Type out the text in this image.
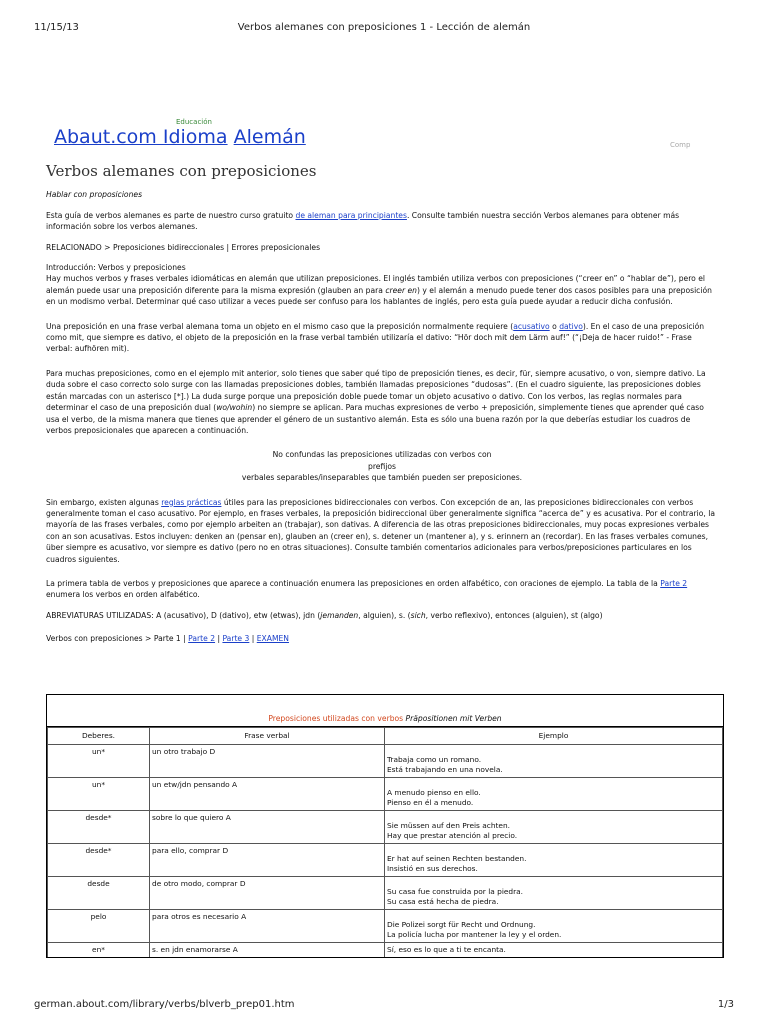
11/15/13	Verbos alemanes con preposiciones 1 - Lección de alemán
Educación
Abaut.com Idioma Alemán	Comp
Verbos alemanes con preposiciones

Hablar con proposiciones

Esta guía de verbos alemanes es parte de nuestro curso gratuito de aleman para principiantes. Consulte también nuestra sección Verbos alemanes para obtener más información sobre los verbos alemanes.

RELACIONADO > Preposiciones bidireccionales | Errores preposicionales

Introducción: Verbos y preposiciones
Hay muchos verbos y frases verbales idiomáticas en alemán que utilizan preposiciones. El inglés también utiliza verbos con preposiciones (“creer en” o “hablar de”), pero el alemán puede usar una preposición diferente para la misma expresión (glauben an para creer en) y el alemán a menudo puede tener dos casos posibles para una preposición en un modismo verbal. Determinar qué caso utilizar a veces puede ser confuso para los hablantes de inglés, pero esta guía puede ayudar a reducir dicha confusión.

Una preposición en una frase verbal alemana toma un objeto en el mismo caso que la preposición normalmente requiere (acusativo o dativo). En el caso de una preposición como mit, que siempre es dativo, el objeto de la preposición en la frase verbal también utilizaría el dativo: “Hör doch mit dem Lärm auf!” (“¡Deja de hacer ruido!” - Frase verbal: aufhören mit).

Para muchas preposiciones, como en el ejemplo mit anterior, solo tienes que saber qué tipo de preposición tienes, es decir, für, siempre acusativo, o von, siempre dativo. La duda sobre el caso correcto solo surge con las llamadas preposiciones dobles, también llamadas preposiciones “dudosas”. (En el cuadro siguiente, las preposiciones dobles están marcadas con un asterisco [*].) La duda surge porque una preposición doble puede tomar un objeto acusativo o dativo. Con los verbos, las reglas normales para determinar el caso de una preposición dual (wo/wohin) no siempre se aplican. Para muchas expresiones de verbo + preposición, simplemente tienes que aprender qué caso usa el verbo, de la misma manera que tienes que aprender el género de un sustantivo alemán. Esta es sólo una buena razón por la que deberías estudiar los cuadros de verbos preposicionales que aparecen a continuación.

No confundas las preposiciones utilizadas con verbos con
prefijos
verbales separables/inseparables que también pueden ser preposiciones.

Sin embargo, existen algunas reglas prácticas útiles para las preposiciones bidireccionales con verbos. Con excepción de an, las preposiciones bidireccionales con verbos generalmente toman el caso acusativo. Por ejemplo, en frases verbales, la preposición bidireccional über generalmente significa “acerca de” y es acusativa. Por el contrario, la mayoría de las frases verbales, como por ejemplo arbeiten an (trabajar), son dativas. A diferencia de las otras preposiciones bidireccionales, muy pocas expresiones verbales con an son acusativas. Estos incluyen: denken an (pensar en), glauben an (creer en), s. detener un (mantener a), y s. erinnern an (recordar). En las frases verbales comunes, über siempre es acusativo, vor siempre es dativo (pero no en otras situaciones). Consulte también comentarios adicionales para verbos/preposiciones particulares en los cuadros siguientes.

La primera tabla de verbos y preposiciones que aparece a continuación enumera las preposiciones en orden alfabético, con oraciones de ejemplo. La tabla de la Parte 2 enumera los verbos en orden alfabético.

ABREVIATURAS UTILIZADAS: A (acusativo), D (dativo), etw (etwas), jdn (jemanden, alguien), s. (sich, verbo reflexivo), entonces (alguien), st (algo)

Verbos con preposiciones > Parte 1 | Parte 2 | Parte 3 | EXAMEN

Preposiciones utilizadas con verbos
Präpositionen mit Verben
Deberes.	Frase verbal	Ejemplo
un*	un otro trabajo D	Trabaja como un romano.
Está trabajando en una novela.
un*	un etw/jdn pensando A	A menudo pienso en ello.
Pienso en él a menudo.
desde*	sobre lo que quiero A	Sie müssen auf den Preis achten.
Hay que prestar atención al precio.
desde*	para ello, comprar D	Er hat auf seinen Rechten bestanden.
Insistió en sus derechos.
desde	de otro modo, comprar D	Su casa fue construida por la piedra.
Su casa está hecha de piedra.
pelo	para otros es necesario A	Die Polizei sorgt für Recht und Ordnung.
La policía lucha por mantener la ley y el orden.
en*	s. en jdn enamorarse A	Sí, eso es lo que a ti te encanta.
german.about.com/library/verbs/blverb_prep01.htm	1/3
